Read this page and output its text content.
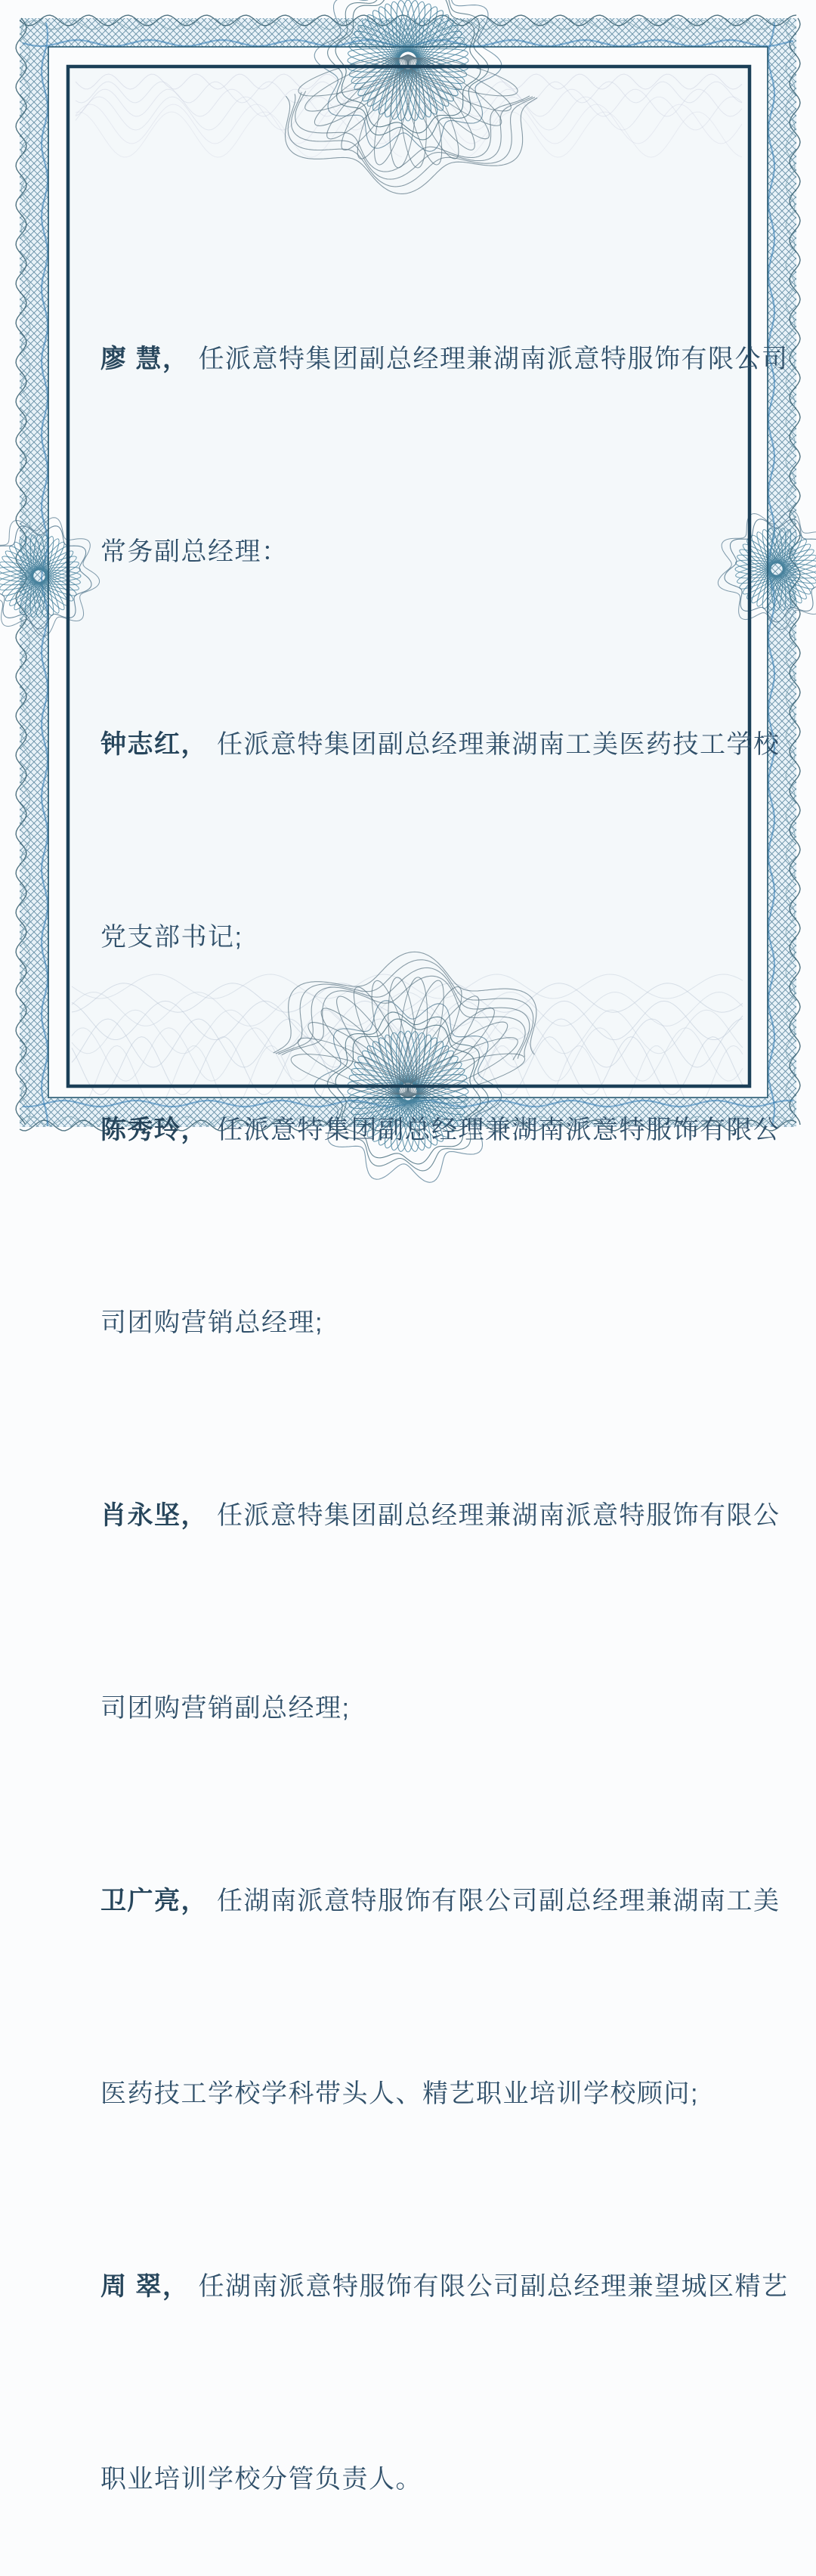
廖 慧， 任派意特集团副总经理兼湖南派意特服饰有限公司

常务副总经理：

钟志红， 任派意特集团副总经理兼湖南工美医药技工学校

党支部书记;

陈秀玲， 任派意特集团副总经理兼湖南派意特服饰有限公

司团购营销总经理;

肖永坚， 任派意特集团副总经理兼湖南派意特服饰有限公

司团购营销副总经理;

卫广亮， 任湖南派意特服饰有限公司副总经理兼湖南工美

医药技工学校学科带头人、精艺职业培训学校顾问;

周 翠， 任湖南派意特服饰有限公司副总经理兼望城区精艺

职业培训学校分管负责人。
